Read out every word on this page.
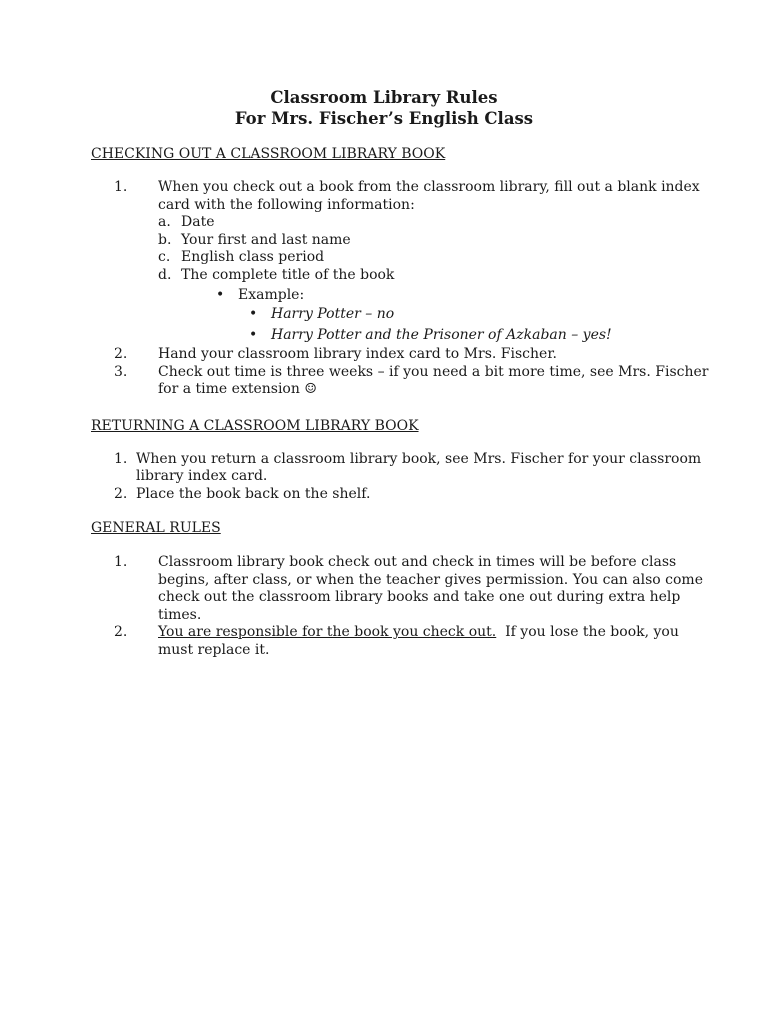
Classroom Library Rules
For Mrs. Fischer’s English Class
CHECKING OUT A CLASSROOM LIBRARY BOOK
1. When you check out a book from the classroom library, fill out a blank index
card with the following information:
a. Date
b. Your first and last name
c. English class period
d. The complete title of the book
• Example:
• Harry Potter – no
• Harry Potter and the Prisoner of Azkaban – yes!
2. Hand your classroom library index card to Mrs. Fischer.
3. Check out time is three weeks – if you need a bit more time, see Mrs. Fischer
for a time extension ☺
RETURNING A CLASSROOM LIBRARY BOOK
1. When you return a classroom library book, see Mrs. Fischer for your classroom
library index card.
2. Place the book back on the shelf.
GENERAL RULES
1. Classroom library book check out and check in times will be before class
begins, after class, or when the teacher gives permission. You can also come
check out the classroom library books and take one out during extra help
times.
2. You are responsible for the book you check out.  If you lose the book, you
must replace it.
